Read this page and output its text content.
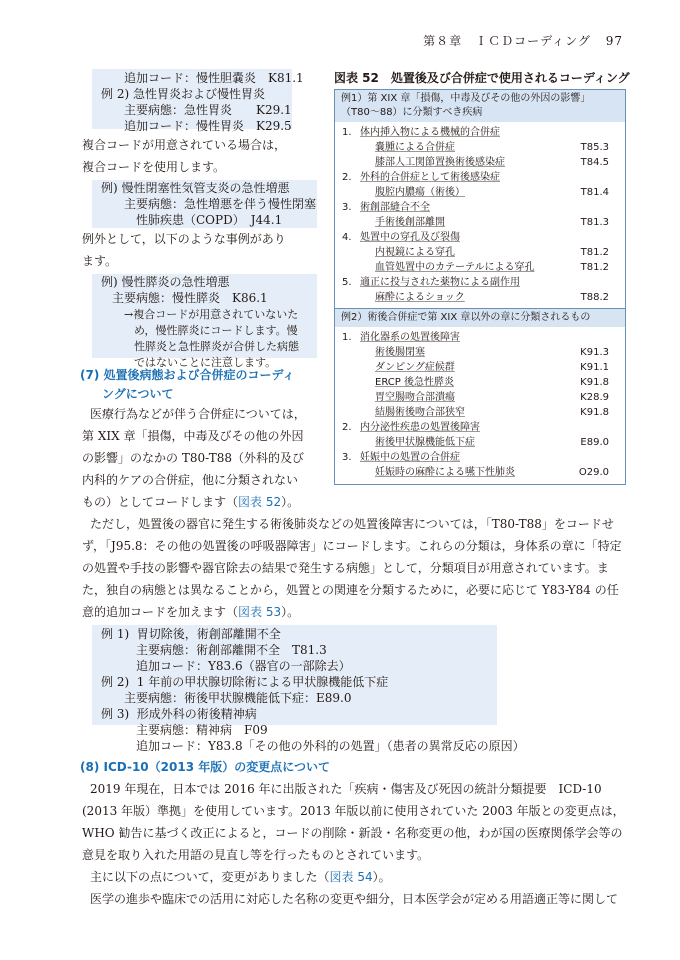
第８章　ＩＣＤコーディング 97
追加コード：慢性胆嚢炎　K81.1
例 2) 急性胃炎および慢性胃炎
主要病態：急性胃炎　　K29.1
追加コード：慢性胃炎　K29.5
複合コードが用意されている場合は，
複合コードを使用します。
例) 慢性閉塞性気管支炎の急性増悪
主要病態：急性増悪を伴う慢性閉塞
性肺疾患（COPD）　J44.1
例外として，以下のような事例があり
ます。
例) 慢性膵炎の急性増悪
主要病態：慢性膵炎　K86.1
→複合コードが用意されていないた
め，慢性膵炎にコードします。慢
性膵炎と急性膵炎が合併した病態
ではないことに注意します。
(7) 処置後病態および合併症のコーディ
ングについて
医療行為などが伴う合併症については，
第 XIX 章「損傷，中毒及びその他の外因
の影響」のなかの T80-T88（外科的及び
内科的ケアの合併症，他に分類されない
もの）としてコードします（図表 52）。
ただし，処置後の器官に発生する術後肺炎などの処置後障害については，「T80-T88」をコードせ
ず，「J95.8：その他の処置後の呼吸器障害」にコードします。これらの分類は，身体系の章に「特定
の処置や手技の影響や器官除去の結果で発生する病態」として，分類項目が用意されています。ま
た，独自の病態とは異なることから，処置との関連を分類するために，必要に応じて Y83-Y84 の任
意的追加コードを加えます（図表 53）。
例 1) 胃切除後，術創部離開不全
主要病態：術創部離開不全　T81.3
追加コード：Y83.6（器官の一部除去）
例 2) 1 年前の甲状腺切除術による甲状腺機能低下症
主要病態：術後甲状腺機能低下症：E89.0
例 3) 形成外科の術後精神病
主要病態：精神病　F09
追加コード：Y83.8「その他の外科的の処置」（患者の異常反応の原因）
(8) ICD-10（2013 年版）の変更点について
2019 年現在，日本では 2016 年に出版された「疾病・傷害及び死因の統計分類提要　ICD-10
(2013 年版）準拠」を使用しています。2013 年版以前に使用されていた 2003 年版との変更点は，
WHO 勧告に基づく改正によると，コードの削除・新設・名称変更の他，わが国の医療関係学会等の
意見を取り入れた用語の見直し等を行ったものとされています。
主に以下の点について，変更がありました（図表 54）。
医学の進歩や臨床での活用に対応した名称の変更や細分，日本医学会が定める用語適正等に関して
図表 52　処置後及び合併症で使用されるコーディング
例1）第 XIX 章「損傷，中毒及びその他の外因の影響」
（T80～88）に分類すべき疾病
1. 体内挿入物による機械的合併症
嚢腫による合併症	T85.3
膝部人工関節置換術後感染症	T84.5
2. 外科的合併症として術後感染症
腹腔内膿瘍（術後）	T81.4
3. 術創部縫合不全
手術後創部離開	T81.3
4. 処置中の穿孔及び裂傷
内視鏡による穿孔	T81.2
血管処置中のカテーテルによる穿孔	T81.2
5. 適正に投与された薬物による副作用
麻酔によるショック	T88.2
例2）術後合併症で第 XIX 章以外の章に分類されるもの
1. 消化器系の処置後障害
術後腸閉塞	K91.3
ダンピング症候群	K91.1
ERCP 後急性膵炎	K91.8
胃空腸吻合部潰瘍	K28.9
結腸術後吻合部狭窄	K91.8
2. 内分泌性疾患の処置後障害
術後甲状腺機能低下症	E89.0
3. 妊娠中の処置の合併症
妊娠時の麻酔による嚥下性肺炎	O29.0
